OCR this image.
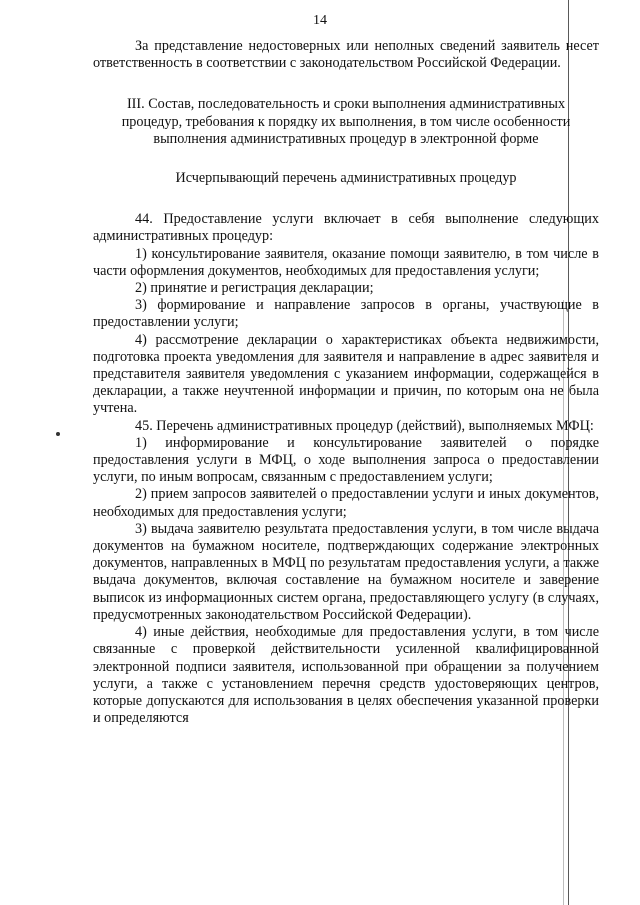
14

За представление недостоверных или неполных сведений заявитель несет ответственность в соответствии с законодательством Российской Федерации.

III. Состав, последовательность и сроки выполнения административных процедур, требования к порядку их выполнения, в том числе особенности выполнения административных процедур в электронной форме

Исчерпывающий перечень административных процедур

44. Предоставление услуги включает в себя выполнение следующих административных процедур:

1) консультирование заявителя, оказание помощи заявителю, в том числе в части оформления документов, необходимых для предоставления услуги;

2) принятие и регистрация декларации;

3) формирование и направление запросов в органы, участвующие в предоставлении услуги;

4) рассмотрение декларации о характеристиках объекта недвижимости, подготовка проекта уведомления для заявителя и направление в адрес заявителя и представителя заявителя уведомления с указанием информации, содержащейся в декларации, а также неучтенной информации и причин, по которым она не была учтена.

45. Перечень административных процедур (действий), выполняемых МФЦ:

1) информирование и консультирование заявителей о порядке предоставления услуги в МФЦ, о ходе выполнения запроса о предоставлении услуги, по иным вопросам, связанным с предоставлением услуги;

2) прием запросов заявителей о предоставлении услуги и иных документов, необходимых для предоставления услуги;

3) выдача заявителю результата предоставления услуги, в том числе выдача документов на бумажном носителе, подтверждающих содержание электронных документов, направленных в МФЦ по результатам предоставления услуги, а также выдача документов, включая составление на бумажном носителе и заверение выписок из информационных систем органа, предоставляющего услугу (в случаях, предусмотренных законодательством Российской Федерации).

4) иные действия, необходимые для предоставления услуги, в том числе связанные с проверкой действительности усиленной квалифицированной электронной подписи заявителя, использованной при обращении за получением услуги, а также с установлением перечня средств удостоверяющих центров, которые допускаются для использования в целях обеспечения указанной проверки и определяются
